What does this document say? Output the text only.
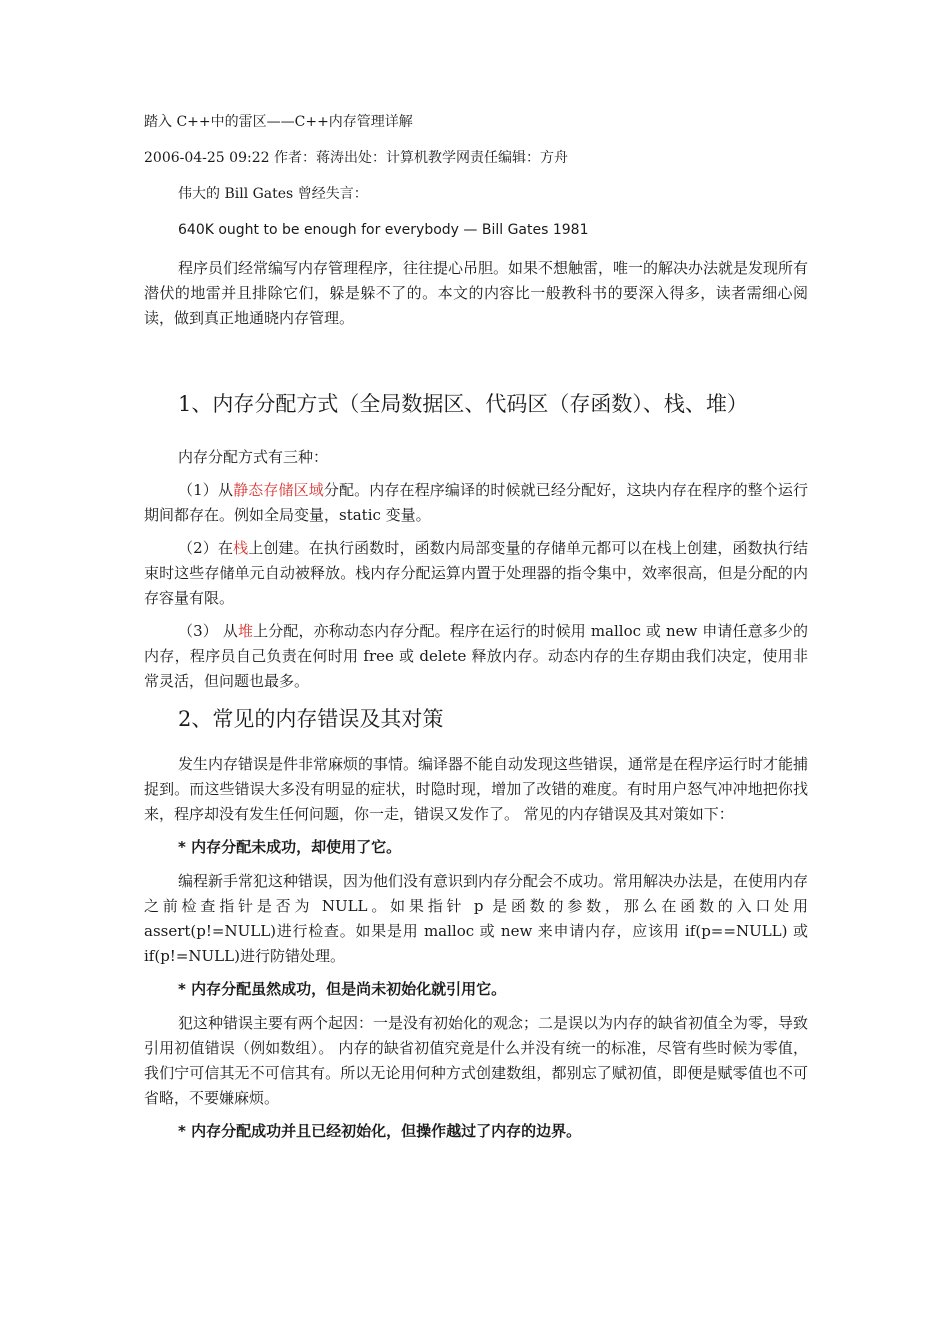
踏入 C++中的雷区——C++内存管理详解

2006-04-25 09:22 作者：蒋涛出处：计算机教学网责任编辑：方舟

伟大的 Bill Gates 曾经失言：

640K ought to be enough for everybody — Bill Gates 1981

程序员们经常编写内存管理程序，往往提心吊胆。如果不想触雷，唯一的解决办法就是发现所有潜伏的地雷并且排除它们，躲是躲不了的。本文的内容比一般教科书的要深入得多，读者需细心阅读，做到真正地通晓内存管理。

1、内存分配方式（全局数据区、代码区（存函数）、栈、堆）

内存分配方式有三种：

（1）从静态存储区域分配。内存在程序编译的时候就已经分配好，这块内存在程序的整个运行期间都存在。例如全局变量，static 变量。

（2）在栈上创建。在执行函数时，函数内局部变量的存储单元都可以在栈上创建，函数执行结束时这些存储单元自动被释放。栈内存分配运算内置于处理器的指令集中，效率很高，但是分配的内存容量有限。

（3） 从堆上分配，亦称动态内存分配。程序在运行的时候用 malloc 或 new 申请任意多少的内存，程序员自己负责在何时用 free 或 delete 释放内存。动态内存的生存期由我们决定，使用非常灵活，但问题也最多。

2、常见的内存错误及其对策

发生内存错误是件非常麻烦的事情。编译器不能自动发现这些错误，通常是在程序运行时才能捕捉到。而这些错误大多没有明显的症状，时隐时现，增加了改错的难度。有时用户怒气冲冲地把你找来，程序却没有发生任何问题，你一走，错误又发作了。 常见的内存错误及其对策如下：

* 内存分配未成功，却使用了它。

编程新手常犯这种错误，因为他们没有意识到内存分配会不成功。常用解决办法是，在使用内存之前检查指针是否为 NULL。如果指针 p 是函数的参数，那么在函数的入口处用 assert(p!=NULL)进行检查。如果是用 malloc 或 new 来申请内存，应该用 if(p==NULL) 或 if(p!=NULL)进行防错处理。

* 内存分配虽然成功，但是尚未初始化就引用它。

犯这种错误主要有两个起因：一是没有初始化的观念；二是误以为内存的缺省初值全为零，导致引用初值错误（例如数组）。 内存的缺省初值究竟是什么并没有统一的标准，尽管有些时候为零值，我们宁可信其无不可信其有。所以无论用何种方式创建数组，都别忘了赋初值，即便是赋零值也不可省略，不要嫌麻烦。

* 内存分配成功并且已经初始化，但操作越过了内存的边界。
